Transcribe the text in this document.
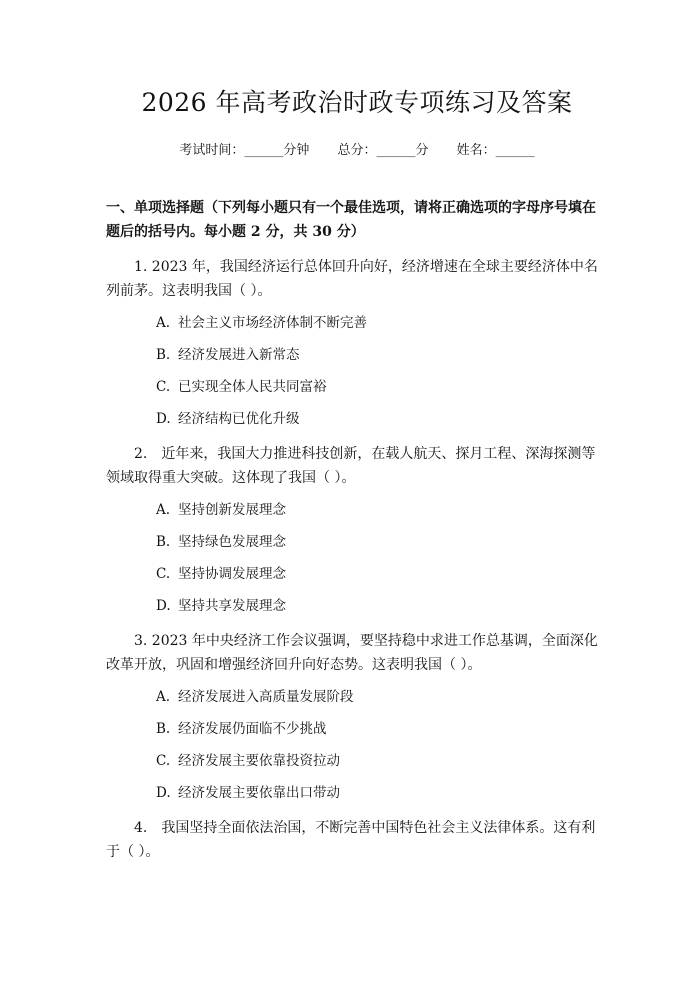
2026 年高考政治时政专项练习及答案
考试时间：______分钟 总分：______分 姓名：______
一、单项选择题（下列每小题只有一个最佳选项，请将正确选项的字母序号填在题后的括号内。每小题 2 分，共 30 分）
1. 2023 年，我国经济运行总体回升向好，经济增速在全球主要经济体中名列前茅。这表明我国（ ）。
A. 社会主义市场经济体制不断完善
B. 经济发展进入新常态
C. 已实现全体人民共同富裕
D. 经济结构已优化升级
2.　近年来，我国大力推进科技创新，在载人航天、探月工程、深海探测等领域取得重大突破。这体现了我国（ ）。
A. 坚持创新发展理念
B. 坚持绿色发展理念
C. 坚持协调发展理念
D. 坚持共享发展理念
3. 2023 年中央经济工作会议强调，要坚持稳中求进工作总基调，全面深化改革开放，巩固和增强经济回升向好态势。这表明我国（ ）。
A. 经济发展进入高质量发展阶段
B. 经济发展仍面临不少挑战
C. 经济发展主要依靠投资拉动
D. 经济发展主要依靠出口带动
4.　我国坚持全面依法治国，不断完善中国特色社会主义法律体系。这有利于（ ）。
